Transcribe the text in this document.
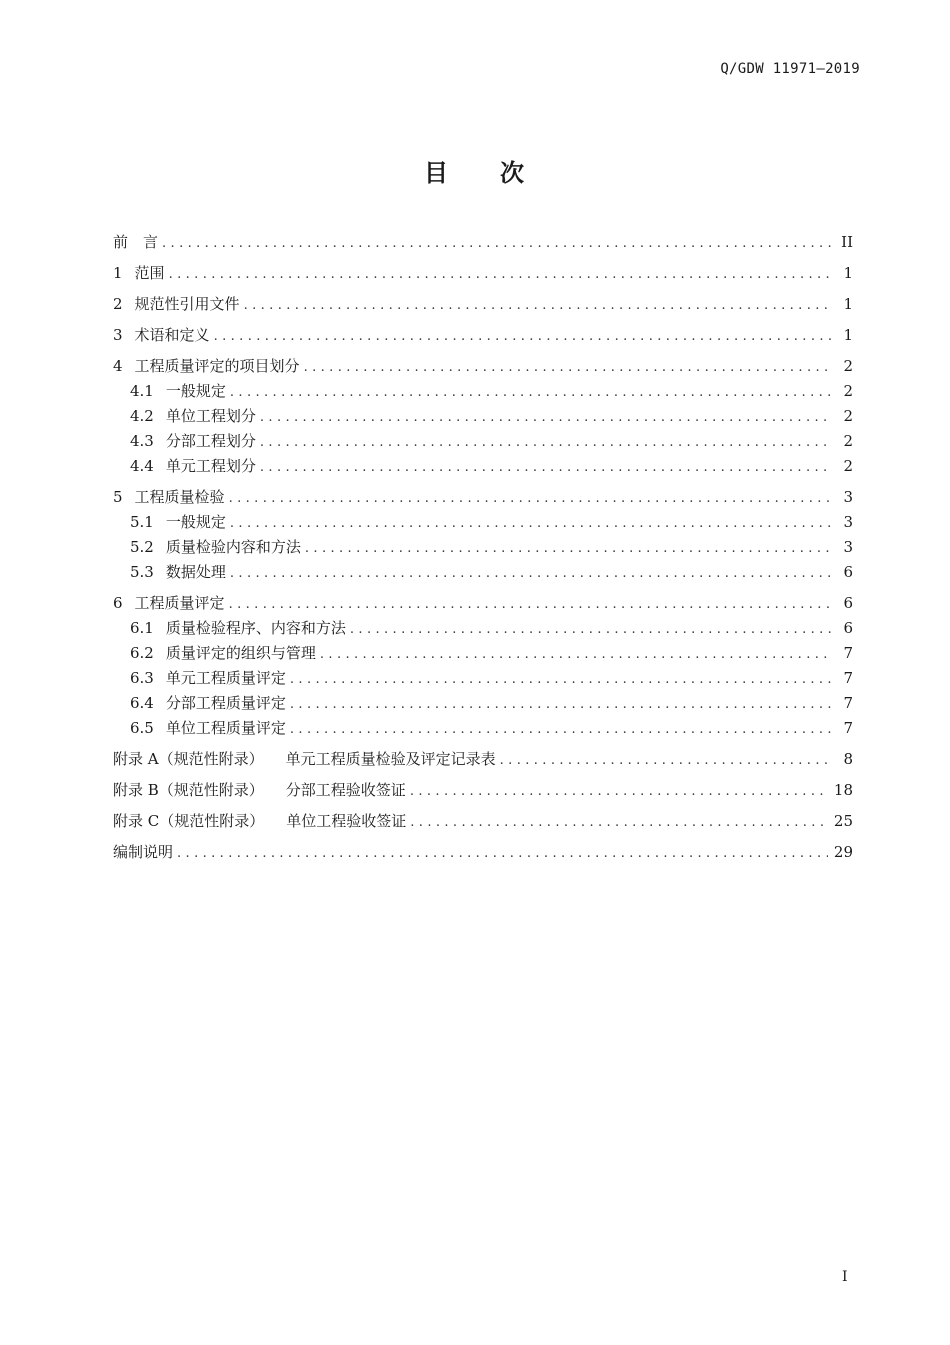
Q/GDW 11971—2019
目 次
前　言 .....	II
1 范围 .....	1
2 规范性引用文件 .....	1
3 术语和定义 .....	1
4 工程质量评定的项目划分 .....	2
4.1 一般规定 .....	2
4.2 单位工程划分 .....	2
4.3 分部工程划分 .....	2
4.4 单元工程划分 .....	2
5 工程质量检验 .....	3
5.1 一般规定 .....	3
5.2 质量检验内容和方法 .....	3
5.3 数据处理 .....	6
6 工程质量评定 .....	6
6.1 质量检验程序、内容和方法 .....	6
6.2 质量评定的组织与管理 .....	7
6.3 单元工程质量评定 .....	7
6.4 分部工程质量评定 .....	7
6.5 单位工程质量评定 .....	7
附录 A（规范性附录） 单元工程质量检验及评定记录表 .....	8
附录 B（规范性附录） 分部工程验收签证 .....	18
附录 C（规范性附录） 单位工程验收签证 .....	25
编制说明 .....	29
I
